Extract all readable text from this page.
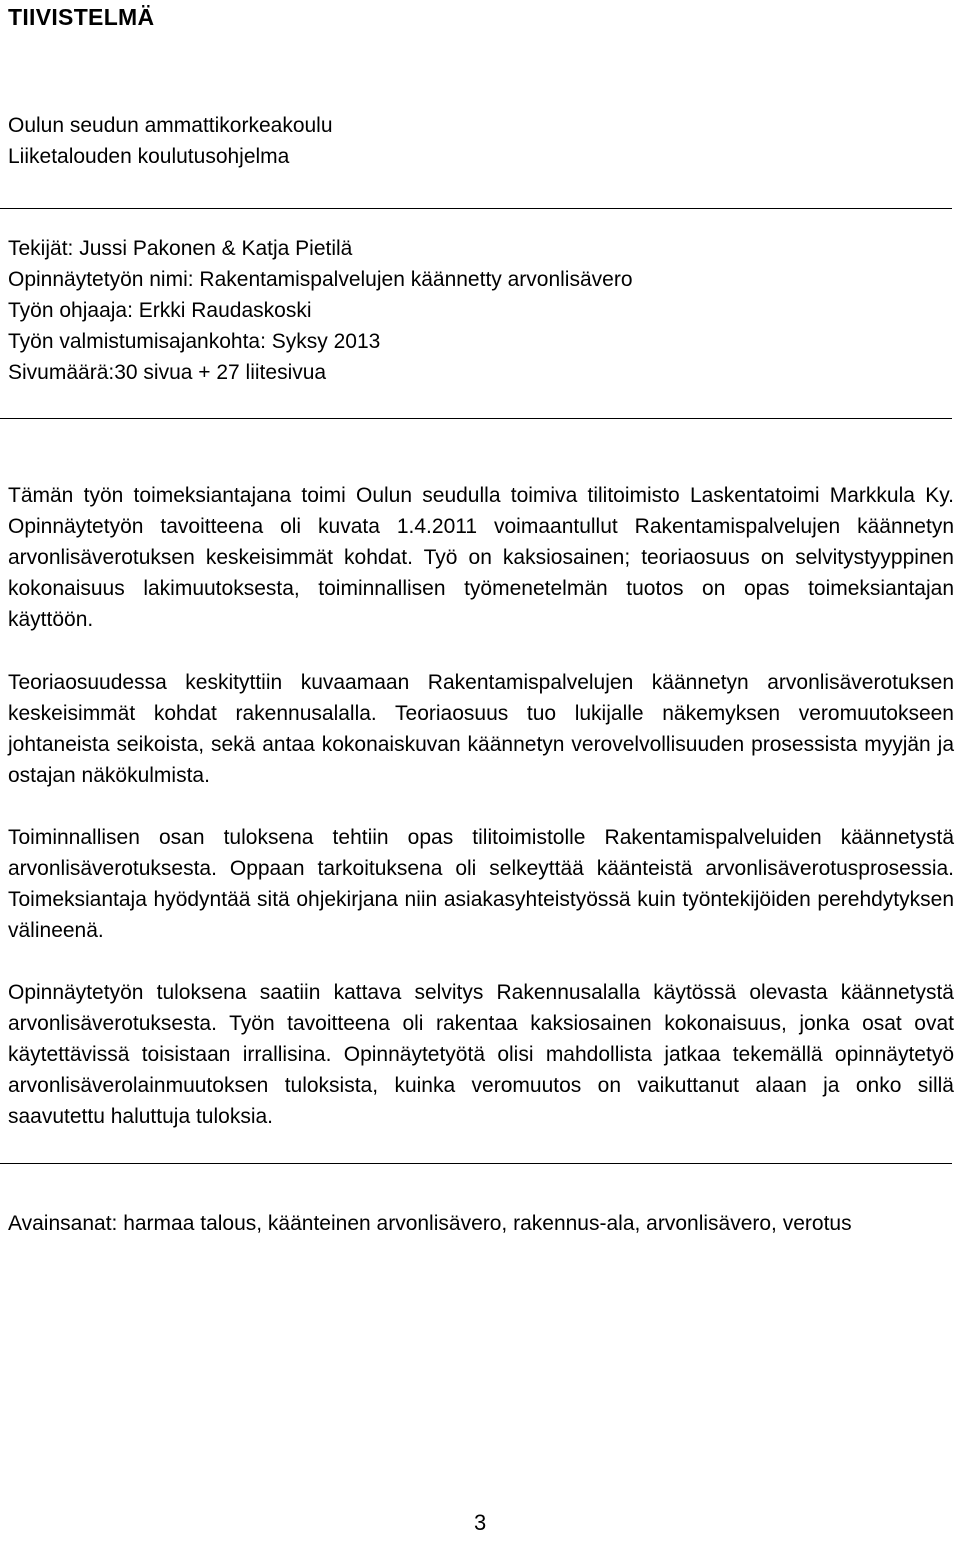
TIIVISTELMÄ
Oulun seudun ammattikorkeakoulu
Liiketalouden koulutusohjelma
Tekijät: Jussi Pakonen & Katja Pietilä
Opinnäytetyön nimi: Rakentamispalvelujen käännetty arvonlisävero
Työn ohjaaja: Erkki Raudaskoski
Työn valmistumisajankohta: Syksy 2013
Sivumäärä:30 sivua + 27 liitesivua

Tämän työn toimeksiantajana toimi Oulun seudulla toimiva tilitoimisto Laskentatoimi Markkula Ky. Opinnäytetyön tavoitteena oli kuvata 1.4.2011 voimaantullut Rakentamispalvelujen käännetyn arvonlisäverotuksen keskeisimmät kohdat. Työ on kaksiosainen; teoriaosuus on selvitystyyppinen kokonaisuus lakimuutoksesta, toiminnallisen työmenetelmän tuotos on opas toimeksiantajan käyttöön.

Teoriaosuudessa keskityttiin kuvaamaan Rakentamispalvelujen käännetyn arvonlisäverotuksen keskeisimmät kohdat rakennusalalla. Teoriaosuus tuo lukijalle näkemyksen veromuutokseen johtaneista seikoista, sekä antaa kokonaiskuvan käännetyn verovelvollisuuden prosessista myyjän ja ostajan näkökulmista.

Toiminnallisen osan tuloksena tehtiin opas tilitoimistolle Rakentamispalveluiden käännetystä arvonlisäverotuksesta. Oppaan tarkoituksena oli selkeyttää käänteistä arvonlisäverotusprosessia. Toimeksiantaja hyödyntää sitä ohjekirjana niin asiakasyhteistyössä kuin työntekijöiden perehdytyksen välineenä.

Opinnäytetyön tuloksena saatiin kattava selvitys Rakennusalalla käytössä olevasta käännetystä arvonlisäverotuksesta. Työn tavoitteena oli rakentaa kaksiosainen kokonaisuus, jonka osat ovat käytettävissä toisistaan irrallisina. Opinnäytetyötä olisi mahdollista jatkaa tekemällä opinnäytetyö arvonlisäverolainmuutoksen tuloksista, kuinka veromuutos on vaikuttanut alaan ja onko sillä saavutettu haluttuja tuloksia.

Avainsanat: harmaa talous, käänteinen arvonlisävero, rakennus-ala, arvonlisävero, verotus

3
